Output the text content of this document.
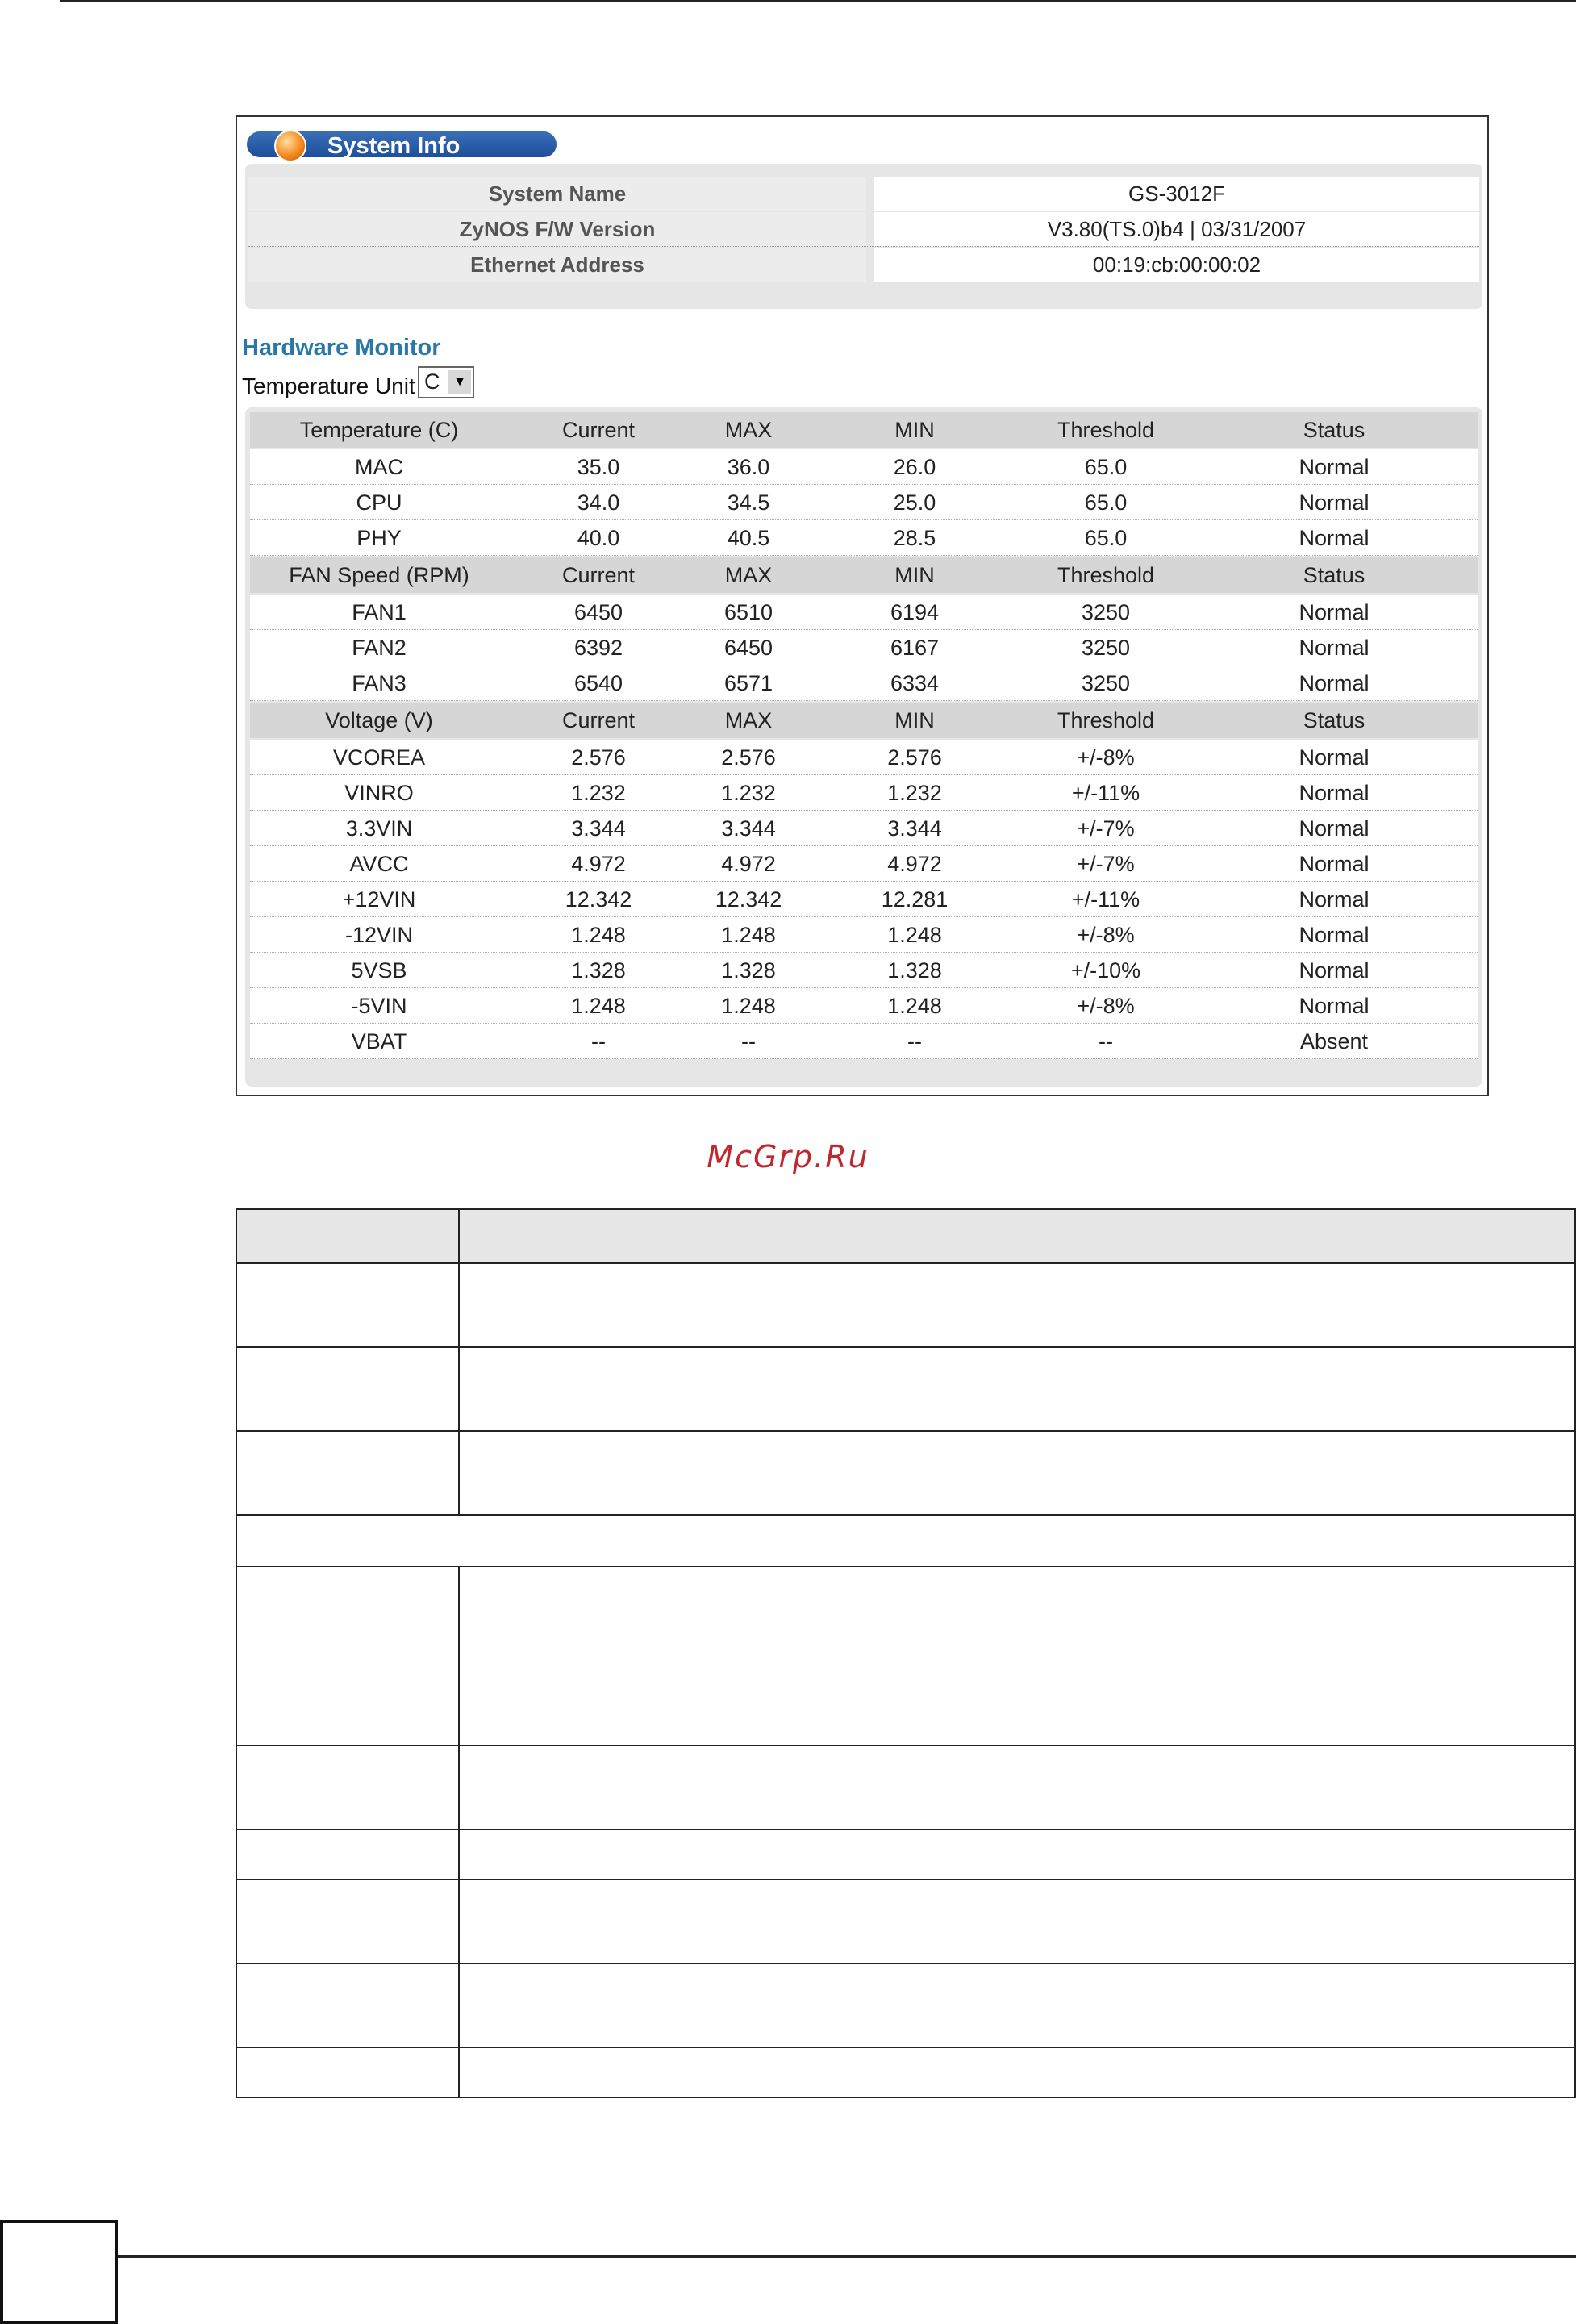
System Info
System Name	GS-3012F
ZyNOS F/W Version	V3.80(TS.0)b4 | 03/31/2007
Ethernet Address	00:19:cb:00:00:02
Hardware Monitor
Temperature Unit C	▼
Temperature (C)	Current	MAX	MIN	Threshold	Status
MAC	35.0	36.0	26.0	65.0	Normal
CPU	34.0	34.5	25.0	65.0	Normal
PHY	40.0	40.5	28.5	65.0	Normal
FAN Speed (RPM)	Current	MAX	MIN	Threshold	Status
FAN1	6450	6510	6194	3250	Normal
FAN2	6392	6450	6167	3250	Normal
FAN3	6540	6571	6334	3250	Normal
Voltage (V)	Current	MAX	MIN	Threshold	Status
VCOREA	2.576	2.576	2.576	+/-8%	Normal
VINRO	1.232	1.232	1.232	+/-11%	Normal
3.3VIN	3.344	3.344	3.344	+/-7%	Normal
AVCC	4.972	4.972	4.972	+/-7%	Normal
+12VIN	12.342	12.342	12.281	+/-11%	Normal
-12VIN	1.248	1.248	1.248	+/-8%	Normal
5VSB	1.328	1.328	1.328	+/-10%	Normal
-5VIN	1.248	1.248	1.248	+/-8%	Normal
VBAT	--	--	--	--	Absent
McGrp.Ru
